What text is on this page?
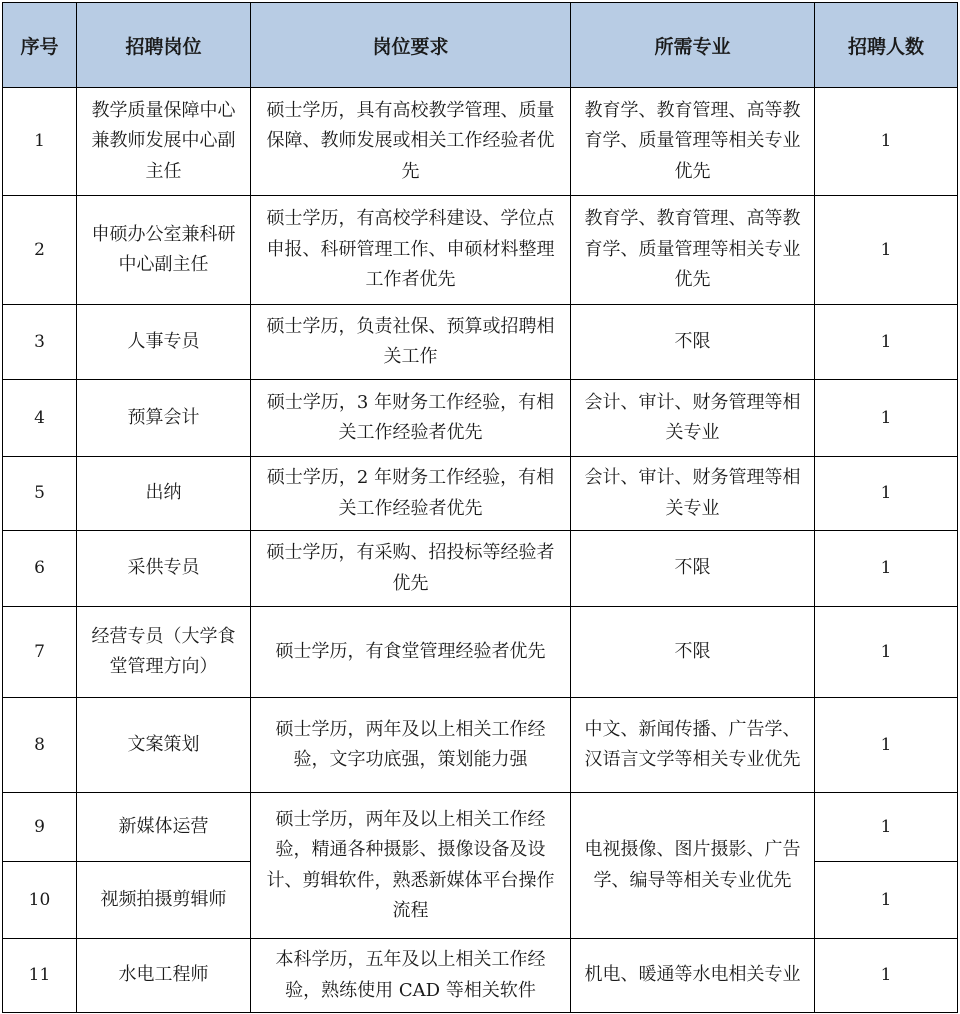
序号	招聘岗位	岗位要求	所需专业	招聘人数
1	教学质量保障中心兼教师发展中心副主任	硕士学历，具有高校教学管理、质量保障、教师发展或相关工作经验者优先	教育学、教育管理、高等教育学、质量管理等相关专业优先	1
2	申硕办公室兼科研中心副主任	硕士学历，有高校学科建设、学位点申报、科研管理工作、申硕材料整理工作者优先	教育学、教育管理、高等教育学、质量管理等相关专业优先	1
3	人事专员	硕士学历，负责社保、预算或招聘相关工作	不限	1
4	预算会计	硕士学历，3 年财务工作经验，有相关工作经验者优先	会计、审计、财务管理等相关专业	1
5	出纳	硕士学历，2 年财务工作经验，有相关工作经验者优先	会计、审计、财务管理等相关专业	1
6	采供专员	硕士学历，有采购、招投标等经验者优先	不限	1
7	经营专员（大学食堂管理方向）	硕士学历，有食堂管理经验者优先	不限	1
8	文案策划	硕士学历，两年及以上相关工作经验，文字功底强，策划能力强	中文、新闻传播、广告学、汉语言文学等相关专业优先	1
9	新媒体运营	硕士学历，两年及以上相关工作经验，精通各种摄影、摄像设备及设计、剪辑软件，熟悉新媒体平台操作流程	电视摄像、图片摄影、广告学、编导等相关专业优先	1
10	视频拍摄剪辑师			1
11	水电工程师	本科学历，五年及以上相关工作经验，熟练使用 CAD 等相关软件	机电、暖通等水电相关专业	1
